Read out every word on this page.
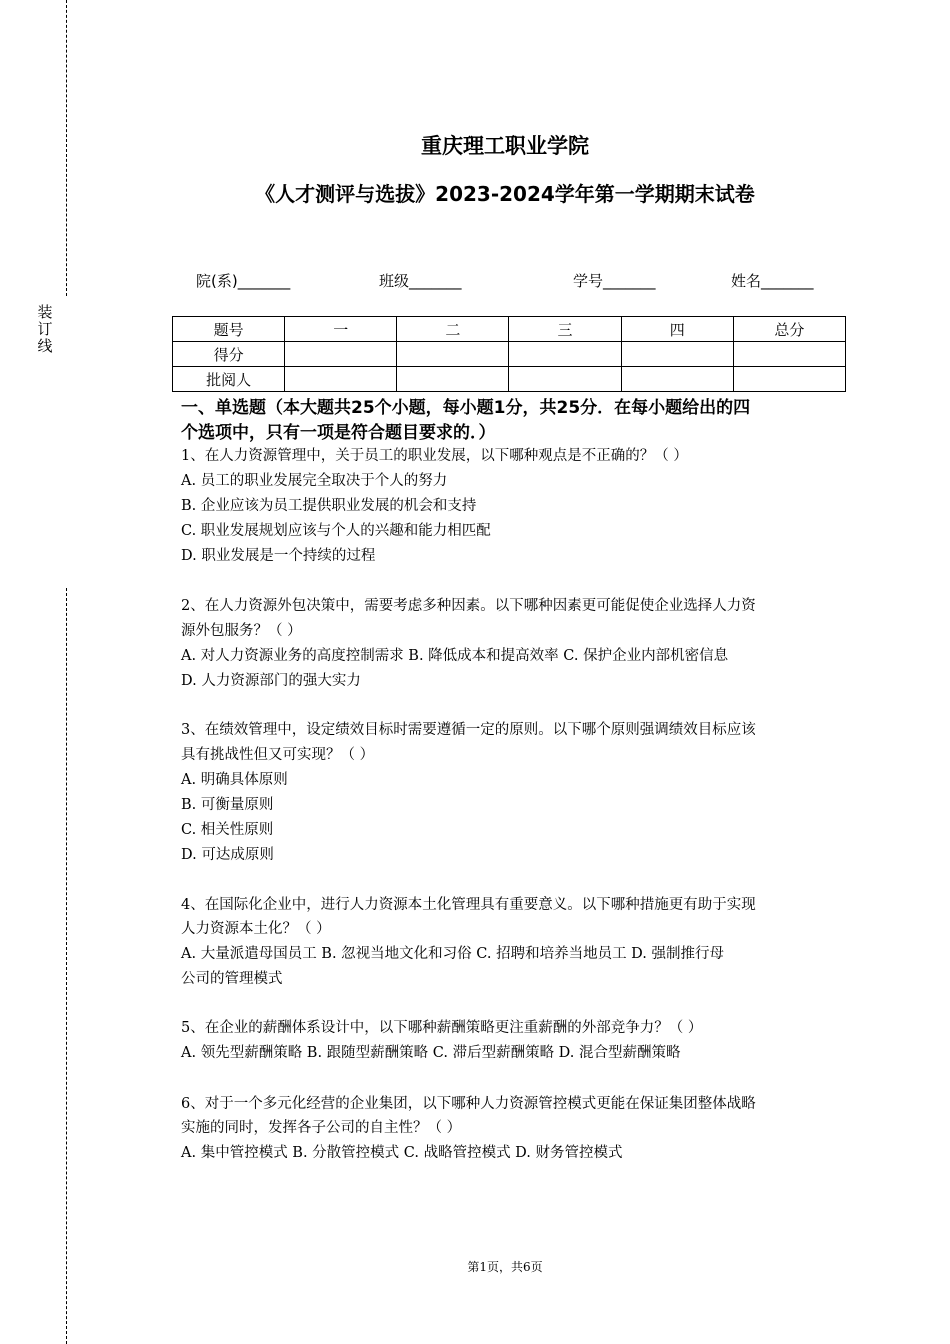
装
订
线
重庆理工职业学院
《人才测评与选拔》2023-2024学年第一学期期末试卷
院(系)_______	班级_______	学号_______	姓名_______
题号	一	二	三	四	总分
得分					
批阅人					
一、单选题（本大题共25个小题，每小题1分，共25分．在每小题给出的四
个选项中，只有一项是符合题目要求的．）
1、在人力资源管理中，关于员工的职业发展，以下哪种观点是不正确的？（ ）
A. 员工的职业发展完全取决于个人的努力
B. 企业应该为员工提供职业发展的机会和支持
C. 职业发展规划应该与个人的兴趣和能力相匹配
D. 职业发展是一个持续的过程
2、在人力资源外包决策中，需要考虑多种因素。以下哪种因素更可能促使企业选择人力资
源外包服务？（ ）
A. 对人力资源业务的高度控制需求 B. 降低成本和提高效率 C. 保护企业内部机密信息
D. 人力资源部门的强大实力
3、在绩效管理中，设定绩效目标时需要遵循一定的原则。以下哪个原则强调绩效目标应该
具有挑战性但又可实现？（ ）
A. 明确具体原则
B. 可衡量原则
C. 相关性原则
D. 可达成原则
4、在国际化企业中，进行人力资源本土化管理具有重要意义。以下哪种措施更有助于实现
人力资源本土化？（ ）
A. 大量派遣母国员工 B. 忽视当地文化和习俗 C. 招聘和培养当地员工 D. 强制推行母
公司的管理模式
5、在企业的薪酬体系设计中，以下哪种薪酬策略更注重薪酬的外部竞争力？（ ）
A. 领先型薪酬策略 B. 跟随型薪酬策略 C. 滞后型薪酬策略 D. 混合型薪酬策略
6、对于一个多元化经营的企业集团，以下哪种人力资源管控模式更能在保证集团整体战略
实施的同时，发挥各子公司的自主性？（ ）
A. 集中管控模式 B. 分散管控模式 C. 战略管控模式 D. 财务管控模式
第1页，共6页
